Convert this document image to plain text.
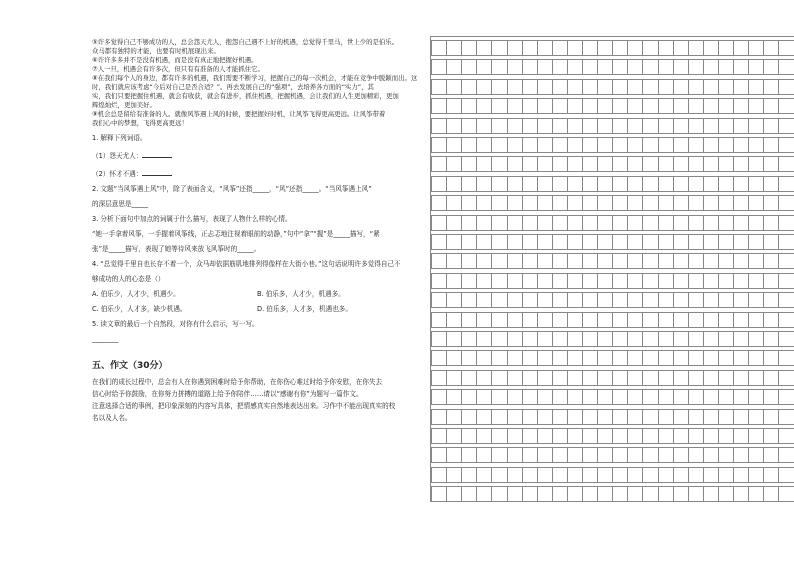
⑤许多觉得自己不够成功的人，总会怨天尤人，抱怨自己遇不上好的机遇，总觉得千里马，世上少的是伯乐。

众马都有独特的才能，也要有时机展现出来。

⑥许许多多并不是没有机遇，而是没有真正地把握好机遇。

⑦人一旦，机遇会有许多次，但只有有准备的人才能抓住它。

⑧在我们每个人的身边，都有许多的机遇，我们需要不断学习，把握自己的每一次机会，才能在竞争中脱颖而出。这

时，我们就应该考虑“今后对自己是否合适？”。再去发展自己的“强项”，去培养各方面的“实力”，其

实，我们只要把握住机遇，就会有收获，就会有进步，抓住机遇，把握机遇，会让我们的人生更加精彩，更加

辉煌灿烂，更加美好。

⑨机会总是留给有准备的人。就像风筝遇上风的时候，要把握好时机，让风筝飞得更高更远。让风筝带着

我们心中的梦想，飞得更高更远！

1. 解释下列词语。

（1）怨天尤人：

（2）怀才不遇：

2. 文题“当风筝遇上风”中，除了表面含义，“风筝”还指_____，“风”还指_____。“当风筝遇上风”

的深层意思是_____

3. 分析下面句中加点的词属于什么描写，表现了人物什么样的心情。

“她一手拿着风筝，一手握着风筝线，正忐忑地注视着眼前的动静，”句中“拿”“握”是_____描写，“紧

张”是_____描写，表现了她等待风来放飞风筝时的_____。

4. “总觉得千里自也长存不着一个，众马却依据筋肌地排列得像样在大街小巷。”这句话说明许多觉得自己不

够成功的人的心态是（）

A. 伯乐少，人才少，机遇少。	B. 伯乐多，人才少，机遇多。
C. 伯乐少，人才多，缺少机遇。	D. 伯乐多，人才多，机遇也多。

5. 读文章的最后一个自然段，对你有什么启示，写一写。

________

五、作文（30分）

在我们的成长过程中，总会有人在你遇到困难时给予你帮助，在你伤心难过时给予你安慰，在你失去

信心时给予你鼓励，在你努力拼搏的道路上给予你陪伴……请以“感谢有你”为题写一篇作文。

注意选择合适的事例，把印象深刻的内容写具体，把情感真实自然地表达出来。习作中不能出现真实的校

名以及人名。
